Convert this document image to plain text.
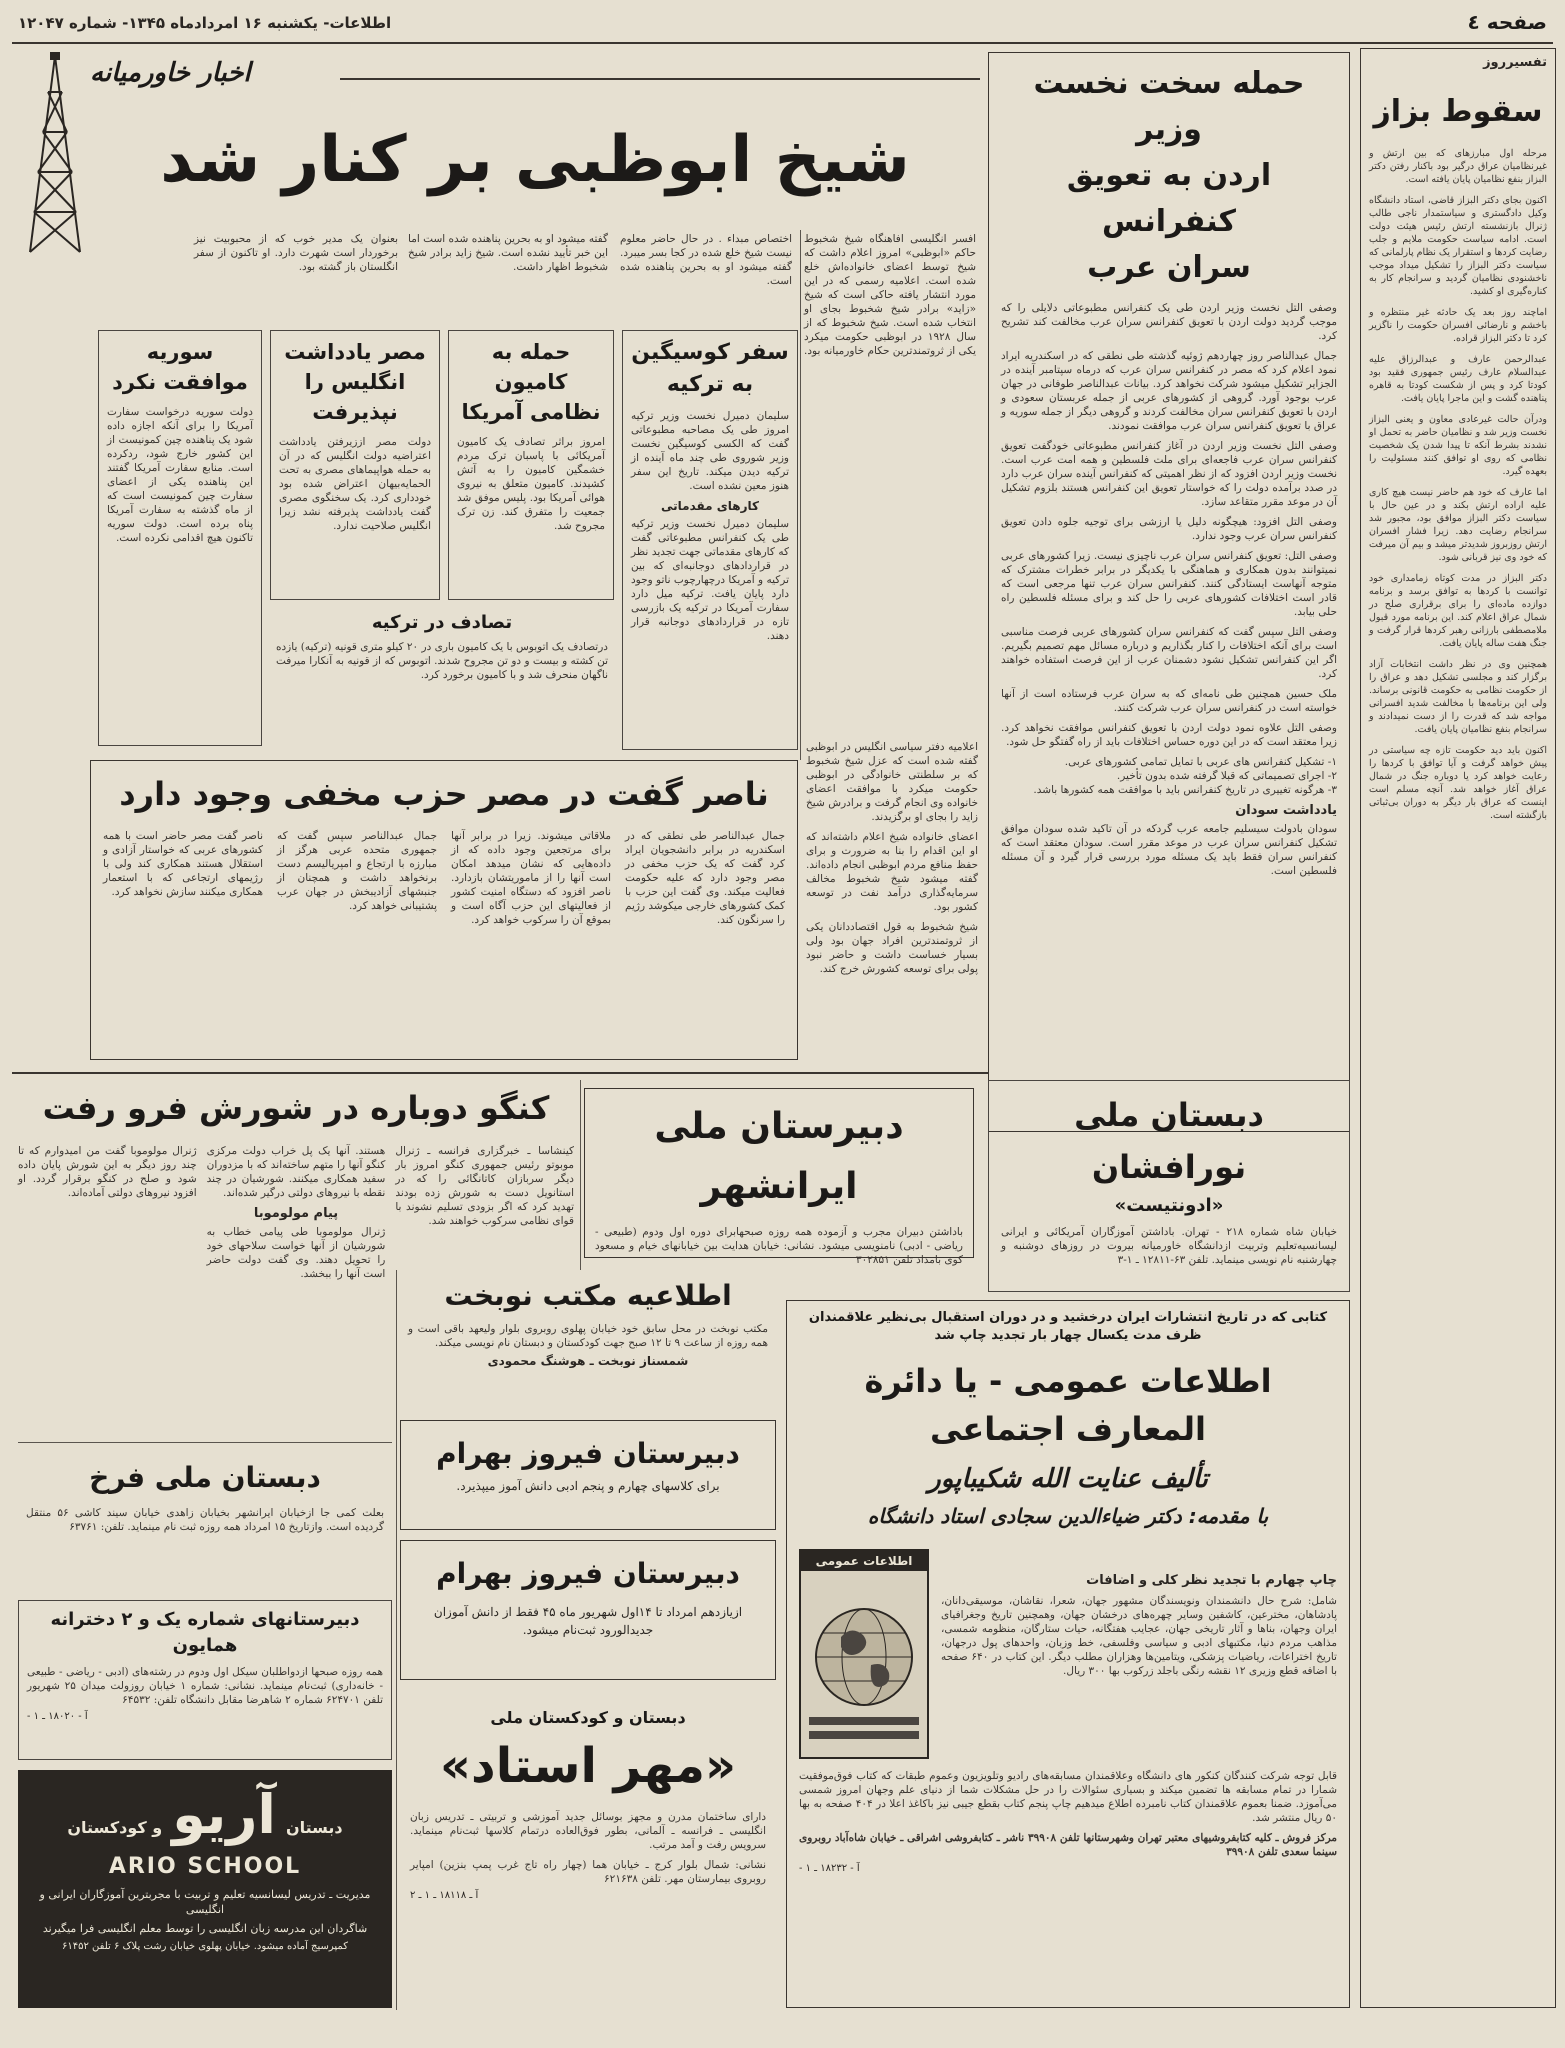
صفحه ٤
اطلاعات- یکشنبه ۱۶ امردادماه ۱۳۴۵- شماره ۱۲۰۴۷
تفسیرروز
سقوط بزاز
مرحله اول مبارزهای که بین ارتش و غیرنظامیان عراق درگیر بود باکنار رفتن دکتر البزاز بنفع نظامیان پایان یافته است.
اکنون بجای دکتر البزاز قاضی، استاد دانشگاه وکیل دادگستری و سیاستمدار ناجی طالب ژنرال بازنشسته ارتش رئیس هیئت دولت است. ادامه سیاست حکومت ملایم و جلب رضایت کردها و استقرار یک نظام پارلمانی که سیاست دکتر البزاز را تشکیل میداد موجب ناخشنودی نظامیان گردید و سرانجام کار به کناره‌گیری او کشید.
اماچند روز بعد یک حادثه غیر منتظره و باخشم و نارضائی افسران حکومت را ناگزیر کرد تا دکتر البزاز قراده.
عبدالرحمن عارف و عبدالرزاق علیه عبدالسلام عارف رئیس جمهوری فقید بود کودتا کرد و پس از شکست کودتا به قاهره پناهنده گشت و این ماجرا پایان یافت.
ودرآن حالت غیرعادی معاون و یعنی البزاز نخست وزیر شد و نظامیان حاضر به تحمل او نشدند بشرط آنکه تا پیدا شدن یک شخصیت نظامی که روی او توافق کنند مسئولیت را بعهده گیرد.
اما عارف که خود هم حاضر نیست هیچ کاری علیه اراده ارتش بکند و در عین حال با سیاست دکتر البزاز موافق بود، مجبور شد سرانجام رضایت دهد. زیرا فشار افسران ارتش روزبروز شدیدتر میشد و بیم آن میرفت که خود وی نیز قربانی شود.
دکتر البزاز در مدت کوتاه زمامداری خود توانست با کردها به توافق برسد و برنامه دوازده ماده‌ای را برای برقراری صلح در شمال عراق اعلام کند. این برنامه مورد قبول ملامصطفی بارزانی رهبر کردها قرار گرفت و جنگ هفت ساله پایان یافت.
همچنین وی در نظر داشت انتخابات آزاد برگزار کند و مجلسی تشکیل دهد و عراق را از حکومت نظامی به حکومت قانونی برساند. ولی این برنامه‌ها با مخالفت شدید افسرانی مواجه شد که قدرت را از دست نمیدادند و سرانجام بنفع نظامیان پایان یافت.
اکنون باید دید حکومت تازه چه سیاستی در پیش خواهد گرفت و آیا توافق با کردها را رعایت خواهد کرد یا دوباره جنگ در شمال عراق آغاز خواهد شد. آنچه مسلم است اینست که عراق بار دیگر به دوران بی‌ثباتی بازگشته است.
حمله سخت نخست وزیر
اردن به تعویق کنفرانس
سران عرب
وصفی التل نخست وزیر اردن طی یک کنفرانس مطبوعاتی دلایلی را که موجب گردید دولت اردن با تعویق کنفرانس سران عرب مخالفت کند تشریح کرد.
جمال عبدالناصر روز چهاردهم ژوئیه گذشته طی نطقی که در اسکندریه ایراد نمود اعلام کرد که مصر در کنفرانس سران عرب که درماه سپتامبر آینده در الجزایر تشکیل میشود شرکت نخواهد کرد. بیانات عبدالناصر طوفانی در جهان عرب بوجود آورد. گروهی از کشورهای عربی از جمله عربستان سعودی و اردن با تعویق کنفرانس سران مخالفت کردند و گروهی دیگر از جمله سوریه و عراق با تعویق کنفرانس سران عرب موافقت نمودند.
وصفی التل نخست وزیر اردن در آغاز کنفرانس مطبوعاتی خودگفت تعویق کنفرانس سران عرب فاجعه‌ای برای ملت فلسطین و همه امت عرب است. نخست وزیر اردن افزود که از نظر اهمیتی که کنفرانس آینده سران عرب دارد در صدد برآمده دولت را که خواستار تعویق این کنفرانس هستند بلزوم تشکیل آن در موعد مقرر متقاعد سازد.
وصفی التل افزود: هیچگونه دلیل یا ارزشی برای توجیه جلوه دادن تعویق کنفرانس سران عرب وجود ندارد.
وصفی التل: تعویق کنفرانس سران عرب ناچیزی نیست. زیرا کشورهای عربی نمیتوانند بدون همکاری و هماهنگی با یکدیگر در برابر خطرات مشترک که متوجه آنهاست ایستادگی کنند. کنفرانس سران عرب تنها مرجعی است که قادر است اختلافات کشورهای عربی را حل کند و برای مسئله فلسطین راه حلی بیابد.
وصفی التل سپس گفت که کنفرانس سران کشورهای عربی فرصت مناسبی است برای آنکه اختلافات را کنار بگذاریم و درباره مسائل مهم تصمیم بگیریم. اگر این کنفرانس تشکیل نشود دشمنان عرب از این فرصت استفاده خواهند کرد.
ملک حسین همچنین طی نامه‌ای که به سران عرب فرستاده است از آنها خواسته است در کنفرانس سران عرب شرکت کنند.
وصفی التل علاوه نمود دولت اردن با تعویق کنفرانس موافقت نخواهد کرد. زیرا معتقد است که در این دوره حساس اختلافات باید از راه گفتگو حل شود.
۱- تشکیل کنفرانس های عربی با تمایل تمامی کشورهای عربی.
۲- اجرای تصمیماتی که قبلا گرفته شده بدون تأخیر.
۳- هرگونه تغییری در تاریخ کنفرانس باید با موافقت همه کشورها باشد.
یادداشت سودان
سودان بادولت سیسلیم جامعه عرب گردکه در آن تاکید شده سودان موافق تشکیل کنفرانس سران عرب در موعد مقرر است. سودان معتقد است که کنفرانس سران فقط باید یک مسئله مورد بررسی قرار گیرد و آن مسئله فلسطین است.
اخبار خاورمیانه
شیخ ابوظبی بر کنار شد
افسر انگلیسی افاهنگاه شیخ شخبوط حاکم «ابوظبی» امروز اعلام داشت که شیخ توسط اعضای خانواده‌اش خلع شده است. اعلامیه رسمی که در این مورد انتشار یافته حاکی است که شیخ «زاید» برادر شیخ شخبوط بجای او انتخاب شده است. شیخ شخبوط که از سال ۱۹۲۸ در ابوظبی حکومت میکرد یکی از ثروتمندترین حکام خاورمیانه بود.
اختصاص مبداء . در حال حاضر معلوم نیست شیخ خلع شده در کجا بسر میبرد. گفته میشود او به بحرین پناهنده شده است.
گفته میشود او به بحرین پناهنده شده است اما این خبر تأیید نشده است. شیخ زاید برادر شیخ شخبوط اظهار داشت.
بعنوان یک مدیر خوب که از محبوبیت نیز برخوردار است شهرت دارد. او تاکنون از سفر انگلستان باز گشته بود.
سفر کوسیگین به ترکیه
سلیمان دمیرل نخست وزیر ترکیه امروز طی یک مصاحبه مطبوعاتی گفت که الکسی کوسیگین نخست وزیر شوروی طی چند ماه آینده از ترکیه دیدن میکند. تاریخ این سفر هنوز معین نشده است.
کارهای مقدماتی
سلیمان دمیرل نخست وزیر ترکیه طی یک کنفرانس مطبوعاتی گفت که کارهای مقدماتی جهت تجدید نظر در قراردادهای دوجانبه‌ای که بین ترکیه و آمریکا درچهارچوب ناتو وجود دارد پایان یافت. ترکیه میل دارد سفارت آمریکا در ترکیه یک بازرسی تازه در قراردادهای دوجانبه قرار دهند.
حمله به کامیون نظامی آمریکا
امروز براثر تصادف یک کامیون آمریکائی با پاسبان ترک مردم خشمگین کامیون را به آتش کشیدند. کامیون متعلق به نیروی هوائی آمریکا بود. پلیس موفق شد جمعیت را متفرق کند. زن ترک مجروح شد.
مصر یادداشت انگلیس را نپذیرفت
دولت مصر اززیرفتن یادداشت اعتراضیه دولت انگلیس که در آن به حمله هواپیماهای مصری به تحت الحمایه‌بیهان اعتراض شده بود خودداری کرد. یک سخنگوی مصری گفت یادداشت پذیرفته نشد زیرا انگلیس صلاحیت ندارد.
سوریه موافقت نکرد
دولت سوریه درخواست سفارت آمریکا را برای آنکه اجازه داده شود یک پناهنده چین کمونیست از این کشور خارج شود، ردکرده است. منابع سفارت آمریکا گفتند این پناهنده یکی از اعضای سفارت چین کمونیست است که از ماه گذشته به سفارت آمریکا پناه برده است. دولت سوریه تاکنون هیچ اقدامی نکرده است.
تصادف در ترکیه
درتصادف یک اتوبوس با یک کامیون باری در ۲۰ کیلو متری قونیه (ترکیه) یازده تن کشته و بیست و دو تن مجروح شدند. اتوبوس که از قونیه به آنکارا میرفت ناگهان منحرف شد و با کامیون برخورد کرد.
اعلامیه دفتر سیاسی انگلیس در ابوظبی گفته شده است که عزل شیخ شخبوط که بر سلطنتی خانوادگی در ابوظبی حکومت میکرد با موافقت اعضای خانواده وی انجام گرفت و برادرش شیخ زاید را بجای او برگزیدند.
اعضای خانواده شیخ اعلام داشته‌اند که او این اقدام را بنا به ضرورت و برای حفظ منافع مردم ابوظبی انجام داده‌اند. گفته میشود شیخ شخبوط مخالف سرمایه‌گذاری درآمد نفت در توسعه کشور بود.
شیخ شخبوط به قول اقتصاددانان یکی از ثروتمندترین افراد جهان بود ولی بسیار خساست داشت و حاضر نبود پولی برای توسعه کشورش خرج کند.
ناصر گفت در مصر حزب مخفی وجود دارد
جمال عبدالناصر طی نطقی که در اسکندریه در برابر دانشجویان ایراد کرد گفت که یک حزب مخفی در مصر وجود دارد که علیه حکومت فعالیت میکند. وی گفت این حزب با کمک کشورهای خارجی میکوشد رژیم را سرنگون کند.
ملاقاتی میشوند. زیرا در برابر آنها برای مرتجعین وجود داده که از داده‌هایی که نشان میدهد امکان است آنها را از ماموریتشان بازدارد. ناصر افزود که دستگاه امنیت کشور از فعالیتهای این حزب آگاه است و بموقع آن را سرکوب خواهد کرد.
جمال عبدالناصر سپس گفت که جمهوری متحده عربی هرگز از مبارزه با ارتجاع و امپریالیسم دست برنخواهد داشت و همچنان از جنبشهای آزادیبخش در جهان عرب پشتیبانی خواهد کرد.
ناصر گفت مصر حاضر است با همه کشورهای عربی که خواستار آزادی و استقلال هستند همکاری کند ولی با رژیمهای ارتجاعی که با استعمار همکاری میکنند سازش نخواهد کرد.
کنگو دوباره در شورش فرو رفت
کینشاسا ـ خبرگزاری فرانسه ـ ژنرال موبوتو رئیس جمهوری کنگو امروز بار دیگر سربازان کاتانگائی را که در استانویل دست به شورش زده بودند تهدید کرد که اگر بزودی تسلیم نشوند با قوای نظامی سرکوب خواهند شد.
هستند. آنها یک پل خراب دولت مرکزی کنگو آنها را متهم ساخته‌اند که با مزدوران سفید همکاری میکنند. شورشیان در چند نقطه با نیروهای دولتی درگیر شده‌اند.
پیام مولوموبا
ژنرال مولوموبا طی پیامی خطاب به شورشیان از آنها خواست سلاحهای خود را تحویل دهند. وی گفت دولت حاضر است آنها را ببخشد.
ژنرال مولوموبا گفت من امیدوارم که تا چند روز دیگر به این شورش پایان داده شود و صلح در کنگو برقرار گردد. او افزود نیروهای دولتی آماده‌اند.
دبیرستان ملی ایرانشهر
باداشتن دبیران مجرب و آزموده همه روزه صبحهابرای دوره اول ودوم (طبیعی - ریاضی - ادبی) نامنویسی میشود. نشانی: خیابان هدایت بین خیابانهای خیام و مسعود کوی بامداد تلفن ۳۰۲۸۵۱
دبستان ملی نورافشان
«ادونتیست»
خیابان شاه شماره ۲۱۸ - تهران. باداشتن آموزگاران آمریکائی و ایرانی لیسانسیه‌تعلیم وتربیت ازدانشگاه خاورمیانه بیروت در روزهای دوشنبه و چهارشنبه نام نویسی مینماید. تلفن ۶۳-۱۲۸۱۱ ـ ۱-۳
اطلاعیه مکتب نوبخت
مکتب نوبخت در محل سابق خود خیابان پهلوی روبروی بلوار ولیعهد باقی است و همه روزه از ساعت ۹ تا ۱۲ صبح جهت کودکستان و دبستان نام نویسی میکند.
شمسناز نوبخت ـ هوشنگ محمودی
دبستان ملی فرخ
بعلت کمی جا ازخیابان ایرانشهر بخیابان زاهدی خیابان سیند کاشی ۵۶ منتقل گردیده است. وازتاریخ ۱۵ امرداد همه روزه ثبت نام مینماید. تلفن: ۶۳۷۶۱
دبیرستانهای شماره یک و ۲ دخترانه همایون
همه روزه صبحها ازدواطلبان سیکل اول ودوم در رشته‌های (ادبی - ریاضی - طبیعی - خانه‌داری) ثبت‌نام مینماید. نشانی: شماره ۱ خیابان روزولت میدان ۲۵ شهریور تلفن ۶۲۴۷۰۱ شماره ۲ شاهرضا مقابل دانشگاه تلفن: ۶۴۵۳۲
آ - ۱۸۰۲۰ ـ ۱ -
دبستان
آریو
و کودکستان
ARIO SCHOOL
مدیریت ـ تدریس لیسانسیه تعلیم و تربیت با مجربترین آموزگاران ایرانی و انگلیسی
شاگردان این مدرسه زبان انگلیسی را توسط معلم انگلیسی فرا میگیرند
کمپرسیج آماده میشود. خیابان پهلوی خیابان رشت پلاک ۶ تلفن ۶۱۴۵۲
دبیرستان فیروز بهرام
برای کلاسهای چهارم و پنجم ادبی دانش آموز میپذیرد.
دبیرستان فیروز بهرام
ازیازدهم امرداد تا ۱۴اول شهریور ماه ۴۵ فقط از دانش آموزان جدیدالورود ثبت‌نام میشود.
دبستان و کودکستان ملی
«مهر استاد»
دارای ساختمان مدرن و مجهز بوسائل جدید آموزشی و تربیتی ـ تدریس زبان انگلیسی ـ فرانسه ـ آلمانی، بطور فوق‌العاده درتمام کلاسها ثبت‌نام مینماید. سرویس رفت و آمد مرتب.
نشانی: شمال بلوار کرج ـ خیابان هما (چهار راه تاج غرب پمپ بنزین) امپایر روبروی بیمارستان مهر. تلفن ۶۲۱۶۳۸
آ ـ ۱۸۱۱۸ ـ ۱ ـ ۲
کتابی که در تاریخ انتشارات ایران درخشید و در دوران استقبال بی‌نظیر علاقمندان ظرف مدت یکسال چهار بار تجدید چاپ شد
اطلاعات عمومی - یا دائرة المعارف اجتماعی
تألیف عنایت الله شکیباپور
با مقدمه: دکتر ضیاءالدین سجادی استاد دانشگاه
چاپ چهارم با تجدید نظر کلی و اضافات
شامل: شرح حال دانشمندان ونویسندگان مشهور جهان، شعرا، نقاشان، موسیقی‌دانان، پادشاهان، مخترعین، کاشفین وسایر چهره‌های درخشان جهان، وهمچنین تاریخ وجغرافیای ایران وجهان، بناها و آثار تاریخی جهان، عجایب هفتگانه، حیات ستارگان، منظومه شمسی، مذاهب مردم دنیا، مکتبهای ادبی و سیاسی وفلسفی، خط وزبان، واحدهای پول درجهان، تاریخ اختراعات، ریاضیات پزشکی، ویتامین‌ها وهزاران مطلب دیگر. این کتاب در ۶۴۰ صفحه با اضافه قطع وزیری ۱۲ نقشه رنگی باجلد زرکوب بها ۳۰۰ ریال.
اطلاعات عمومی
قابل توجه شرکت کنندگان کنکور های دانشگاه وعلاقمندان مسابقه‌های رادیو وتلویزیون وعموم طبقات که کتاب فوق‌موفقیت شمارا در تمام مسابقه ها تضمین میکند و بسیاری سئوالات را در حل مشکلات شما از دنیای علم وجهان امروز شمسی می‌آموزد. ضمنا بعموم علاقمندان کتاب نامبرده اطلاع میدهیم چاپ پنجم کتاب بقطع جیبی‌ نیز باکاغذ اعلا در ۴۰۴ صفحه به بها ۵۰ ریال منتشر شد.
مرکز فروش ـ کلیه کتابفروشیهای معتبر تهران وشهرستانها تلفن ۳۹۹۰۸ ناشر ـ کتابفروشی اشراقی ـ خیابان شاه‌آباد روبروی سینما سعدی تلفن ۳۹۹۰۸
آ - ۱۸۲۳۲ ـ ۱ -
